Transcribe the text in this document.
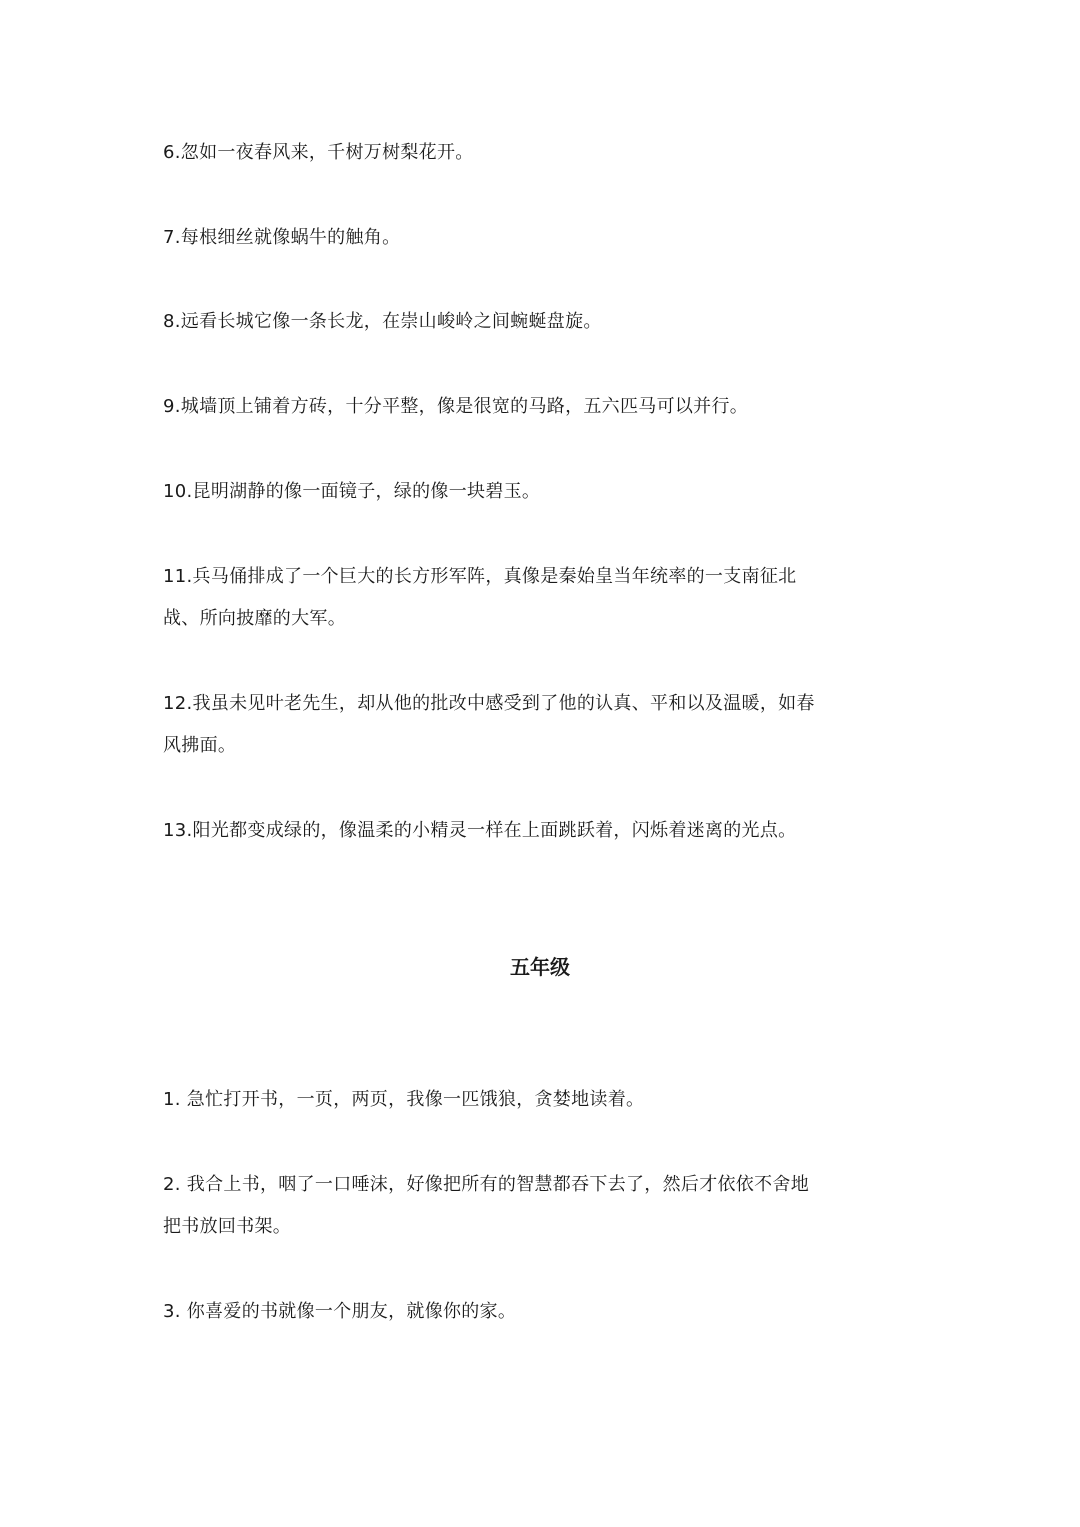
6.忽如一夜春风来，千树万树梨花开。

7.每根细丝就像蜗牛的触角。

8.远看长城它像一条长龙，在崇山峻岭之间蜿蜒盘旋。

9.城墙顶上铺着方砖，十分平整，像是很宽的马路，五六匹马可以并行。

10.昆明湖静的像一面镜子，绿的像一块碧玉。

11.兵马俑排成了一个巨大的长方形军阵，真像是秦始皇当年统率的一支南征北战、所向披靡的大军。

12.我虽未见叶老先生，却从他的批改中感受到了他的认真、平和以及温暖，如春风拂面。

13.阳光都变成绿的，像温柔的小精灵一样在上面跳跃着，闪烁着迷离的光点。

五年级

1. 急忙打开书，一页，两页，我像一匹饿狼，贪婪地读着。

2. 我合上书，咽了一口唾沫，好像把所有的智慧都吞下去了，然后才依依不舍地把书放回书架。

3. 你喜爱的书就像一个朋友，就像你的家。
